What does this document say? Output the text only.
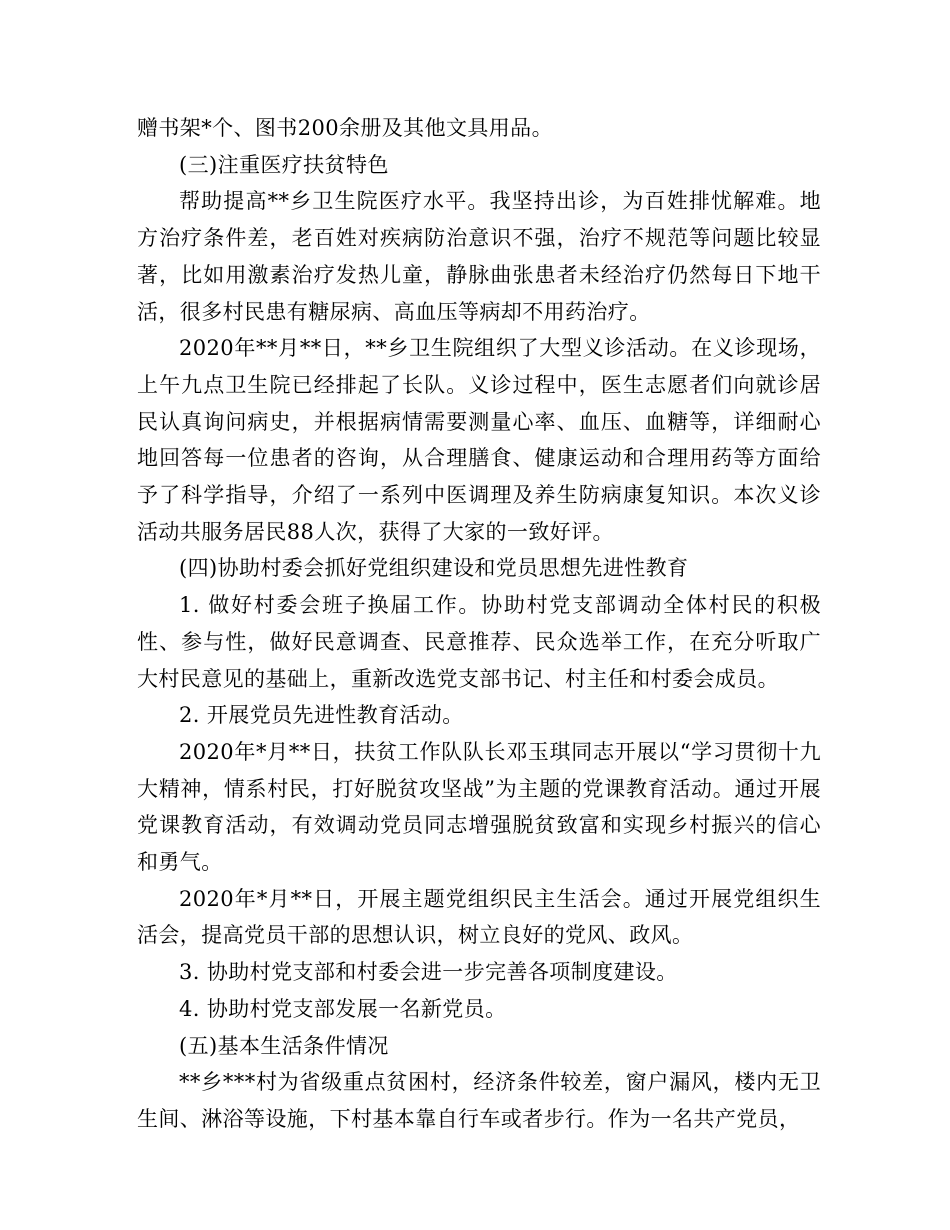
赠书架*个、图书200余册及其他文具用品。

(三)注重医疗扶贫特色

帮助提高**乡卫生院医疗水平。我坚持出诊，为百姓排忧解难。地方治疗条件差，老百姓对疾病防治意识不强，治疗不规范等问题比较显著，比如用激素治疗发热儿童，静脉曲张患者未经治疗仍然每日下地干活，很多村民患有糖尿病、高血压等病却不用药治疗。

2020年**月**日，**乡卫生院组织了大型义诊活动。在义诊现场，上午九点卫生院已经排起了长队。义诊过程中，医生志愿者们向就诊居民认真询问病史，并根据病情需要测量心率、血压、血糖等，详细耐心地回答每一位患者的咨询，从合理膳食、健康运动和合理用药等方面给予了科学指导，介绍了一系列中医调理及养生防病康复知识。本次义诊活动共服务居民88人次，获得了大家的一致好评。

(四)协助村委会抓好党组织建设和党员思想先进性教育

1. 做好村委会班子换届工作。协助村党支部调动全体村民的积极性、参与性，做好民意调查、民意推荐、民众选举工作，在充分听取广大村民意见的基础上，重新改选党支部书记、村主任和村委会成员。

2. 开展党员先进性教育活动。

2020年*月**日，扶贫工作队队长邓玉琪同志开展以“学习贯彻十九大精神，情系村民，打好脱贫攻坚战”为主题的党课教育活动。通过开展党课教育活动，有效调动党员同志增强脱贫致富和实现乡村振兴的信心和勇气。

2020年*月**日，开展主题党组织民主生活会。通过开展党组织生活会，提高党员干部的思想认识，树立良好的党风、政风。

3. 协助村党支部和村委会进一步完善各项制度建设。

4. 协助村党支部发展一名新党员。

(五)基本生活条件情况

**乡***村为省级重点贫困村，经济条件较差，窗户漏风，楼内无卫生间、淋浴等设施，下村基本靠自行车或者步行。作为一名共产党员，
